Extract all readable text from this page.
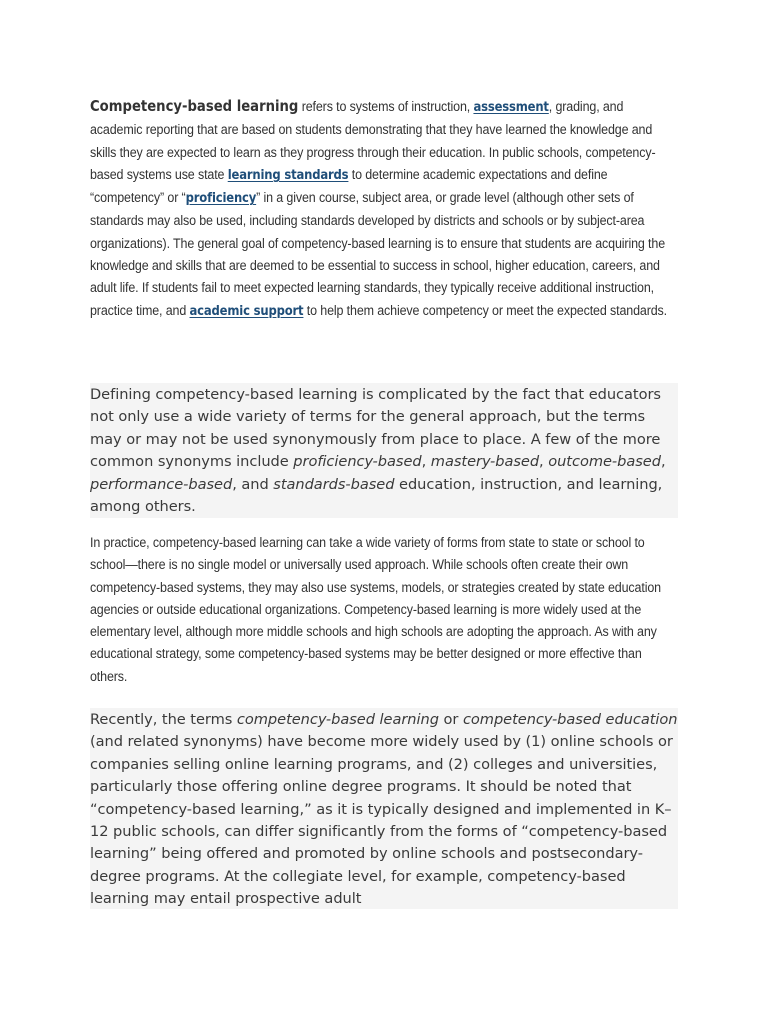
Competency-based learning refers to systems of instruction, assessment, grading, and academic reporting that are based on students demonstrating that they have learned the knowledge and skills they are expected to learn as they progress through their education. In public schools, competency-based systems use state learning standards to determine academic expectations and define “competency” or “proficiency” in a given course, subject area, or grade level (although other sets of standards may also be used, including standards developed by districts and schools or by subject-area organizations). The general goal of competency-based learning is to ensure that students are acquiring the knowledge and skills that are deemed to be essential to success in school, higher education, careers, and adult life. If students fail to meet expected learning standards, they typically receive additional instruction, practice time, and academic support to help them achieve competency or meet the expected standards.

Defining competency-based learning is complicated by the fact that educators not only use a wide variety of terms for the general approach, but the terms may or may not be used synonymously from place to place. A few of the more common synonyms include proficiency-based, mastery-based, outcome-based, performance-based, and standards-based education, instruction, and learning, among others.

In practice, competency-based learning can take a wide variety of forms from state to state or school to school—there is no single model or universally used approach. While schools often create their own competency-based systems, they may also use systems, models, or strategies created by state education agencies or outside educational organizations. Competency-based learning is more widely used at the elementary level, although more middle schools and high schools are adopting the approach. As with any educational strategy, some competency-based systems may be better designed or more effective than others.

Recently, the terms competency-based learning or competency-based education (and related synonyms) have become more widely used by (1) online schools or companies selling online learning programs, and (2) colleges and universities, particularly those offering online degree programs. It should be noted that “competency-based learning,” as it is typically designed and implemented in K–12 public schools, can differ significantly from the forms of “competency-based learning” being offered and promoted by online schools and postsecondary-degree programs. At the collegiate level, for example, competency-based learning may entail prospective adult
